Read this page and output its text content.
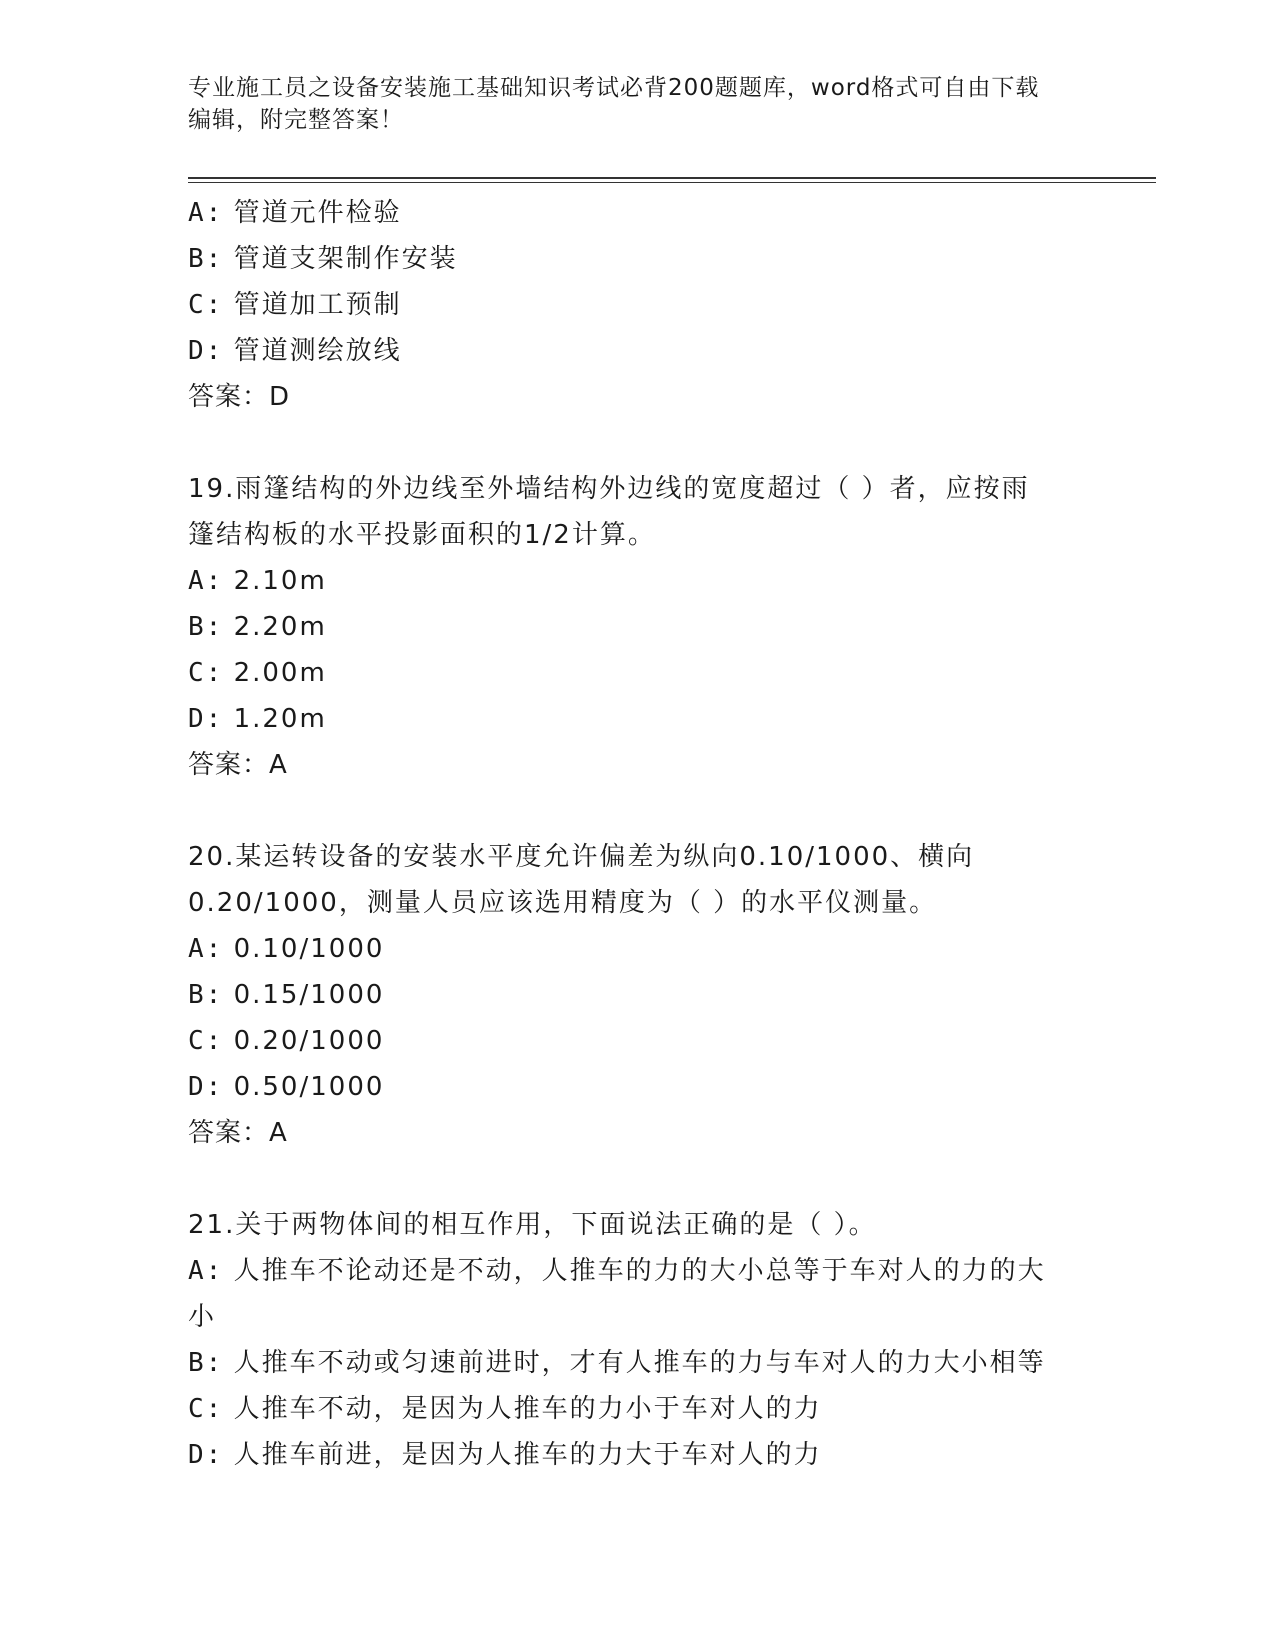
专业施工员之设备安装施工基础知识考试必背200题题库，word格式可自由下载
编辑，附完整答案！
A: 管道元件检验
B: 管道支架制作安装
C: 管道加工预制
D: 管道测绘放线
答案：D
19.雨篷结构的外边线至外墙结构外边线的宽度超过（ ）者，应按雨
篷结构板的水平投影面积的1/2计算。
A: 2.10m
B: 2.20m
C: 2.00m
D: 1.20m
答案：A
20.某运转设备的安装水平度允许偏差为纵向0.10/1000、横向
0.20/1000，测量人员应该选用精度为（ ）的水平仪测量。
A: 0.10/1000
B: 0.15/1000
C: 0.20/1000
D: 0.50/1000
答案：A
21.关于两物体间的相互作用，下面说法正确的是（ ）。
A: 人推车不论动还是不动，人推车的力的大小总等于车对人的力的大
小
B: 人推车不动或匀速前进时，才有人推车的力与车对人的力大小相等
C: 人推车不动，是因为人推车的力小于车对人的力
D: 人推车前进，是因为人推车的力大于车对人的力
